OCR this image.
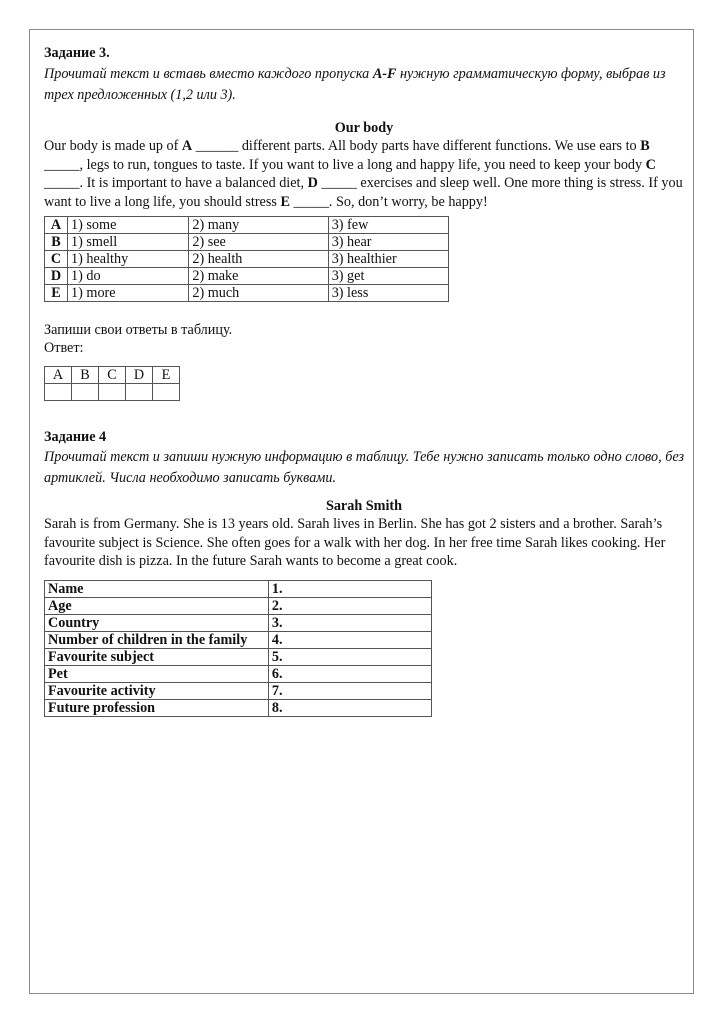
Задание 3.

Прочитай текст и вставь вместо каждого пропуска A-F нужную грамматическую форму, выбрав из трех предложенных (1,2 или 3).

Our body

Our body is made up of A ______ different parts. All body parts have different functions. We use ears to B _____, legs to run, tongues to taste. If you want to live a long and happy life, you need to keep your body C _____. It is important to have a balanced diet, D _____ exercises and sleep well. One more thing is stress. If you want to live a long life, you should stress E _____. So, don’t worry, be happy!

A	1) some	2) many	3) few
B	1) smell	2) see	3) hear
C	1) healthy	2) health	3) healthier
D	1) do	2) make	3) get
E	1) more	2) much	3) less

Запиши свои ответы в таблицу.

Ответ:

A	B	C	D	E

Задание 4

Прочитай текст и запиши нужную информацию в таблицу. Тебе нужно записать только одно слово, без артиклей. Числа необходимо записать буквами.

Sarah Smith

Sarah is from Germany. She is 13 years old. Sarah lives in Berlin. She has got 2 sisters and a brother. Sarah’s favourite subject is Science. She often goes for a walk with her dog. In her free time Sarah likes cooking. Her favourite dish is pizza. In the future Sarah wants to become a great cook.

Name	1.
Age	2.
Country	3.
Number of children in the family	4.
Favourite subject	5.
Pet	6.
Favourite activity	7.
Future profession	8.
